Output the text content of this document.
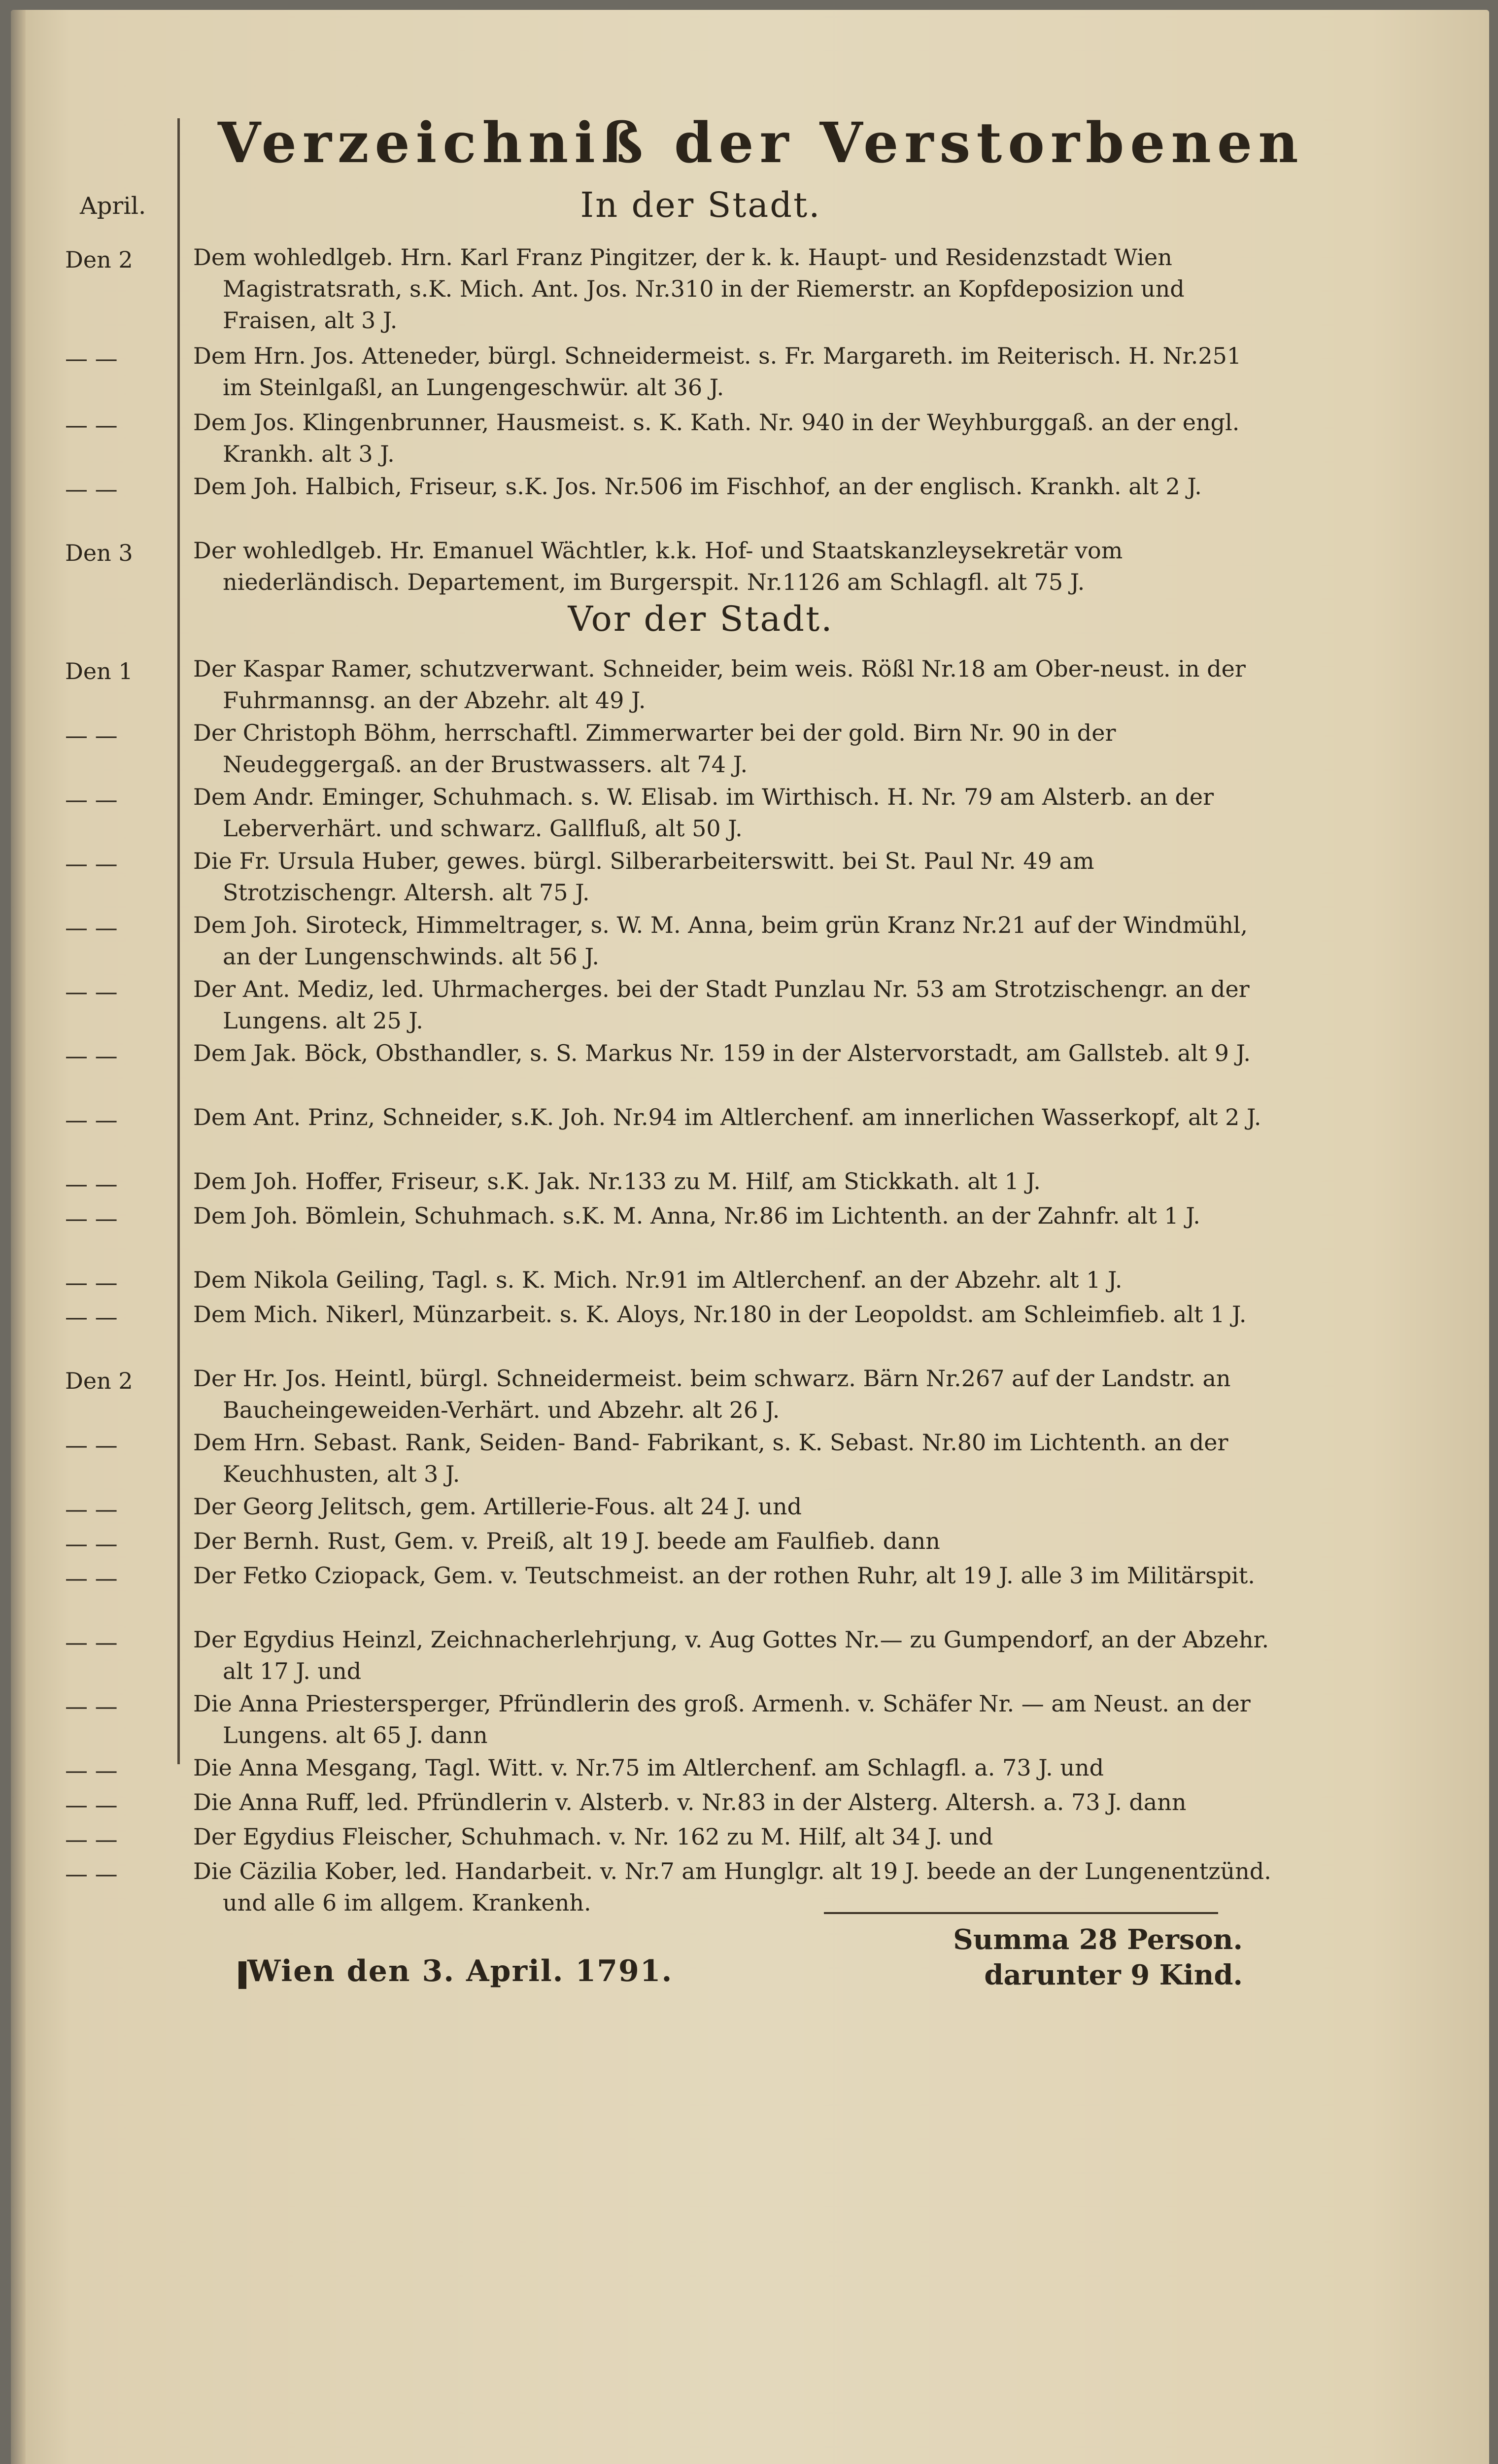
Verzeichniß der Verstorbenen
April.	In der Stadt.
Den 2	Dem wohledlgeb. Hrn. Karl Franz Pingitzer, der k. k. Haupt- und Residenzstadt Wien Magistratsrath, s.K. Mich. Ant. Jos. Nr.310 in der Riemerstr. an Kopfdeposizion und Fraisen, alt 3 J.
— —	Dem Hrn. Jos. Atteneder, bürgl. Schneidermeist. s. Fr. Margareth. im Reiterisch. H. Nr.251 im Steinlgaßl, an Lungengeschwür. alt 36 J.
— —	Dem Jos. Klingenbrunner, Hausmeist. s. K. Kath. Nr. 940 in der Weyhburggaß. an der engl. Krankh. alt 3 J.
— —	Dem Joh. Halbich, Friseur, s.K. Jos. Nr.506 im Fischhof, an der englisch. Krankh. alt 2 J.
Den 3	Der wohledlgeb. Hr. Emanuel Wächtler, k.k. Hof- und Staatskanzleysekretär vom niederländisch. Departement, im Burgerspit. Nr.1126 am Schlagfl. alt 75 J.
Vor der Stadt.
Den 1	Der Kaspar Ramer, schutzverwant. Schneider, beim weis. Rößl Nr.18 am Ober-neust. in der Fuhrmannsg. an der Abzehr. alt 49 J.
— —	Der Christoph Böhm, herrschaftl. Zimmerwarter bei der gold. Birn Nr. 90 in der Neudeggergaß. an der Brustwassers. alt 74 J.
— —	Dem Andr. Eminger, Schuhmach. s. W. Elisab. im Wirthisch. H. Nr. 79 am Alsterb. an der Leberverhärt. und schwarz. Gallfluß, alt 50 J.
— —	Die Fr. Ursula Huber, gewes. bürgl. Silberarbeiterswitt. bei St. Paul Nr. 49 am Strotzischengr. Altersh. alt 75 J.
— —	Dem Joh. Siroteck, Himmeltrager, s. W. M. Anna, beim grün Kranz Nr.21 auf der Windmühl, an der Lungenschwinds. alt 56 J.
— —	Der Ant. Mediz, led. Uhrmacherges. bei der Stadt Punzlau Nr. 53 am Strotzischengr. an der Lungens. alt 25 J.
— —	Dem Jak. Böck, Obsthandler, s. S. Markus Nr. 159 in der Alstervorstadt, am Gallsteb. alt 9 J.
— —	Dem Ant. Prinz, Schneider, s.K. Joh. Nr.94 im Altlerchenf. am innerlichen Wasserkopf, alt 2 J.
— —	Dem Joh. Hoffer, Friseur, s.K. Jak. Nr.133 zu M. Hilf, am Stickkath. alt 1 J.
— —	Dem Joh. Bömlein, Schuhmach. s.K. M. Anna, Nr.86 im Lichtenth. an der Zahnfr. alt 1 J.
— —	Dem Nikola Geiling, Tagl. s. K. Mich. Nr.91 im Altlerchenf. an der Abzehr. alt 1 J.
— —	Dem Mich. Nikerl, Münzarbeit. s. K. Aloys, Nr.180 in der Leopoldst. am Schleimfieb. alt 1 J.
Den 2	Der Hr. Jos. Heintl, bürgl. Schneidermeist. beim schwarz. Bärn Nr.267 auf der Landstr. an Baucheingeweiden-Verhärt. und Abzehr. alt 26 J.
— —	Dem Hrn. Sebast. Rank, Seiden- Band- Fabrikant, s. K. Sebast. Nr.80 im Lichtenth. an der Keuchhusten, alt 3 J.
— —	Der Georg Jelitsch, gem. Artillerie-Fous. alt 24 J. und
— —	Der Bernh. Rust, Gem. v. Preiß, alt 19 J. beede am Faulfieb. dann
— —	Der Fetko Cziopack, Gem. v. Teutschmeist. an der rothen Ruhr, alt 19 J. alle 3 im Militärspit.
— —	Der Egydius Heinzl, Zeichnacherlehrjung, v. Aug Gottes Nr.— zu Gumpendorf, an der Abzehr. alt 17 J. und
— —	Die Anna Priestersperger, Pfründlerin des groß. Armenh. v. Schäfer Nr. — am Neust. an der Lungens. alt 65 J. dann
— —	Die Anna Mesgang, Tagl. Witt. v. Nr.75 im Altlerchenf. am Schlagfl. a. 73 J. und
— —	Die Anna Ruff, led. Pfründlerin v. Alsterb. v. Nr.83 in der Alsterg. Altersh. a. 73 J. dann
— —	Der Egydius Fleischer, Schuhmach. v. Nr. 162 zu M. Hilf, alt 34 J. und
— —	Die Cäzilia Kober, led. Handarbeit. v. Nr.7 am Hunglgr. alt 19 J. beede an der Lungenentzünd. und alle 6 im allgem. Krankenh.
Wien den 3. April. 1791.
Summa 28 Person.
darunter 9 Kind.
